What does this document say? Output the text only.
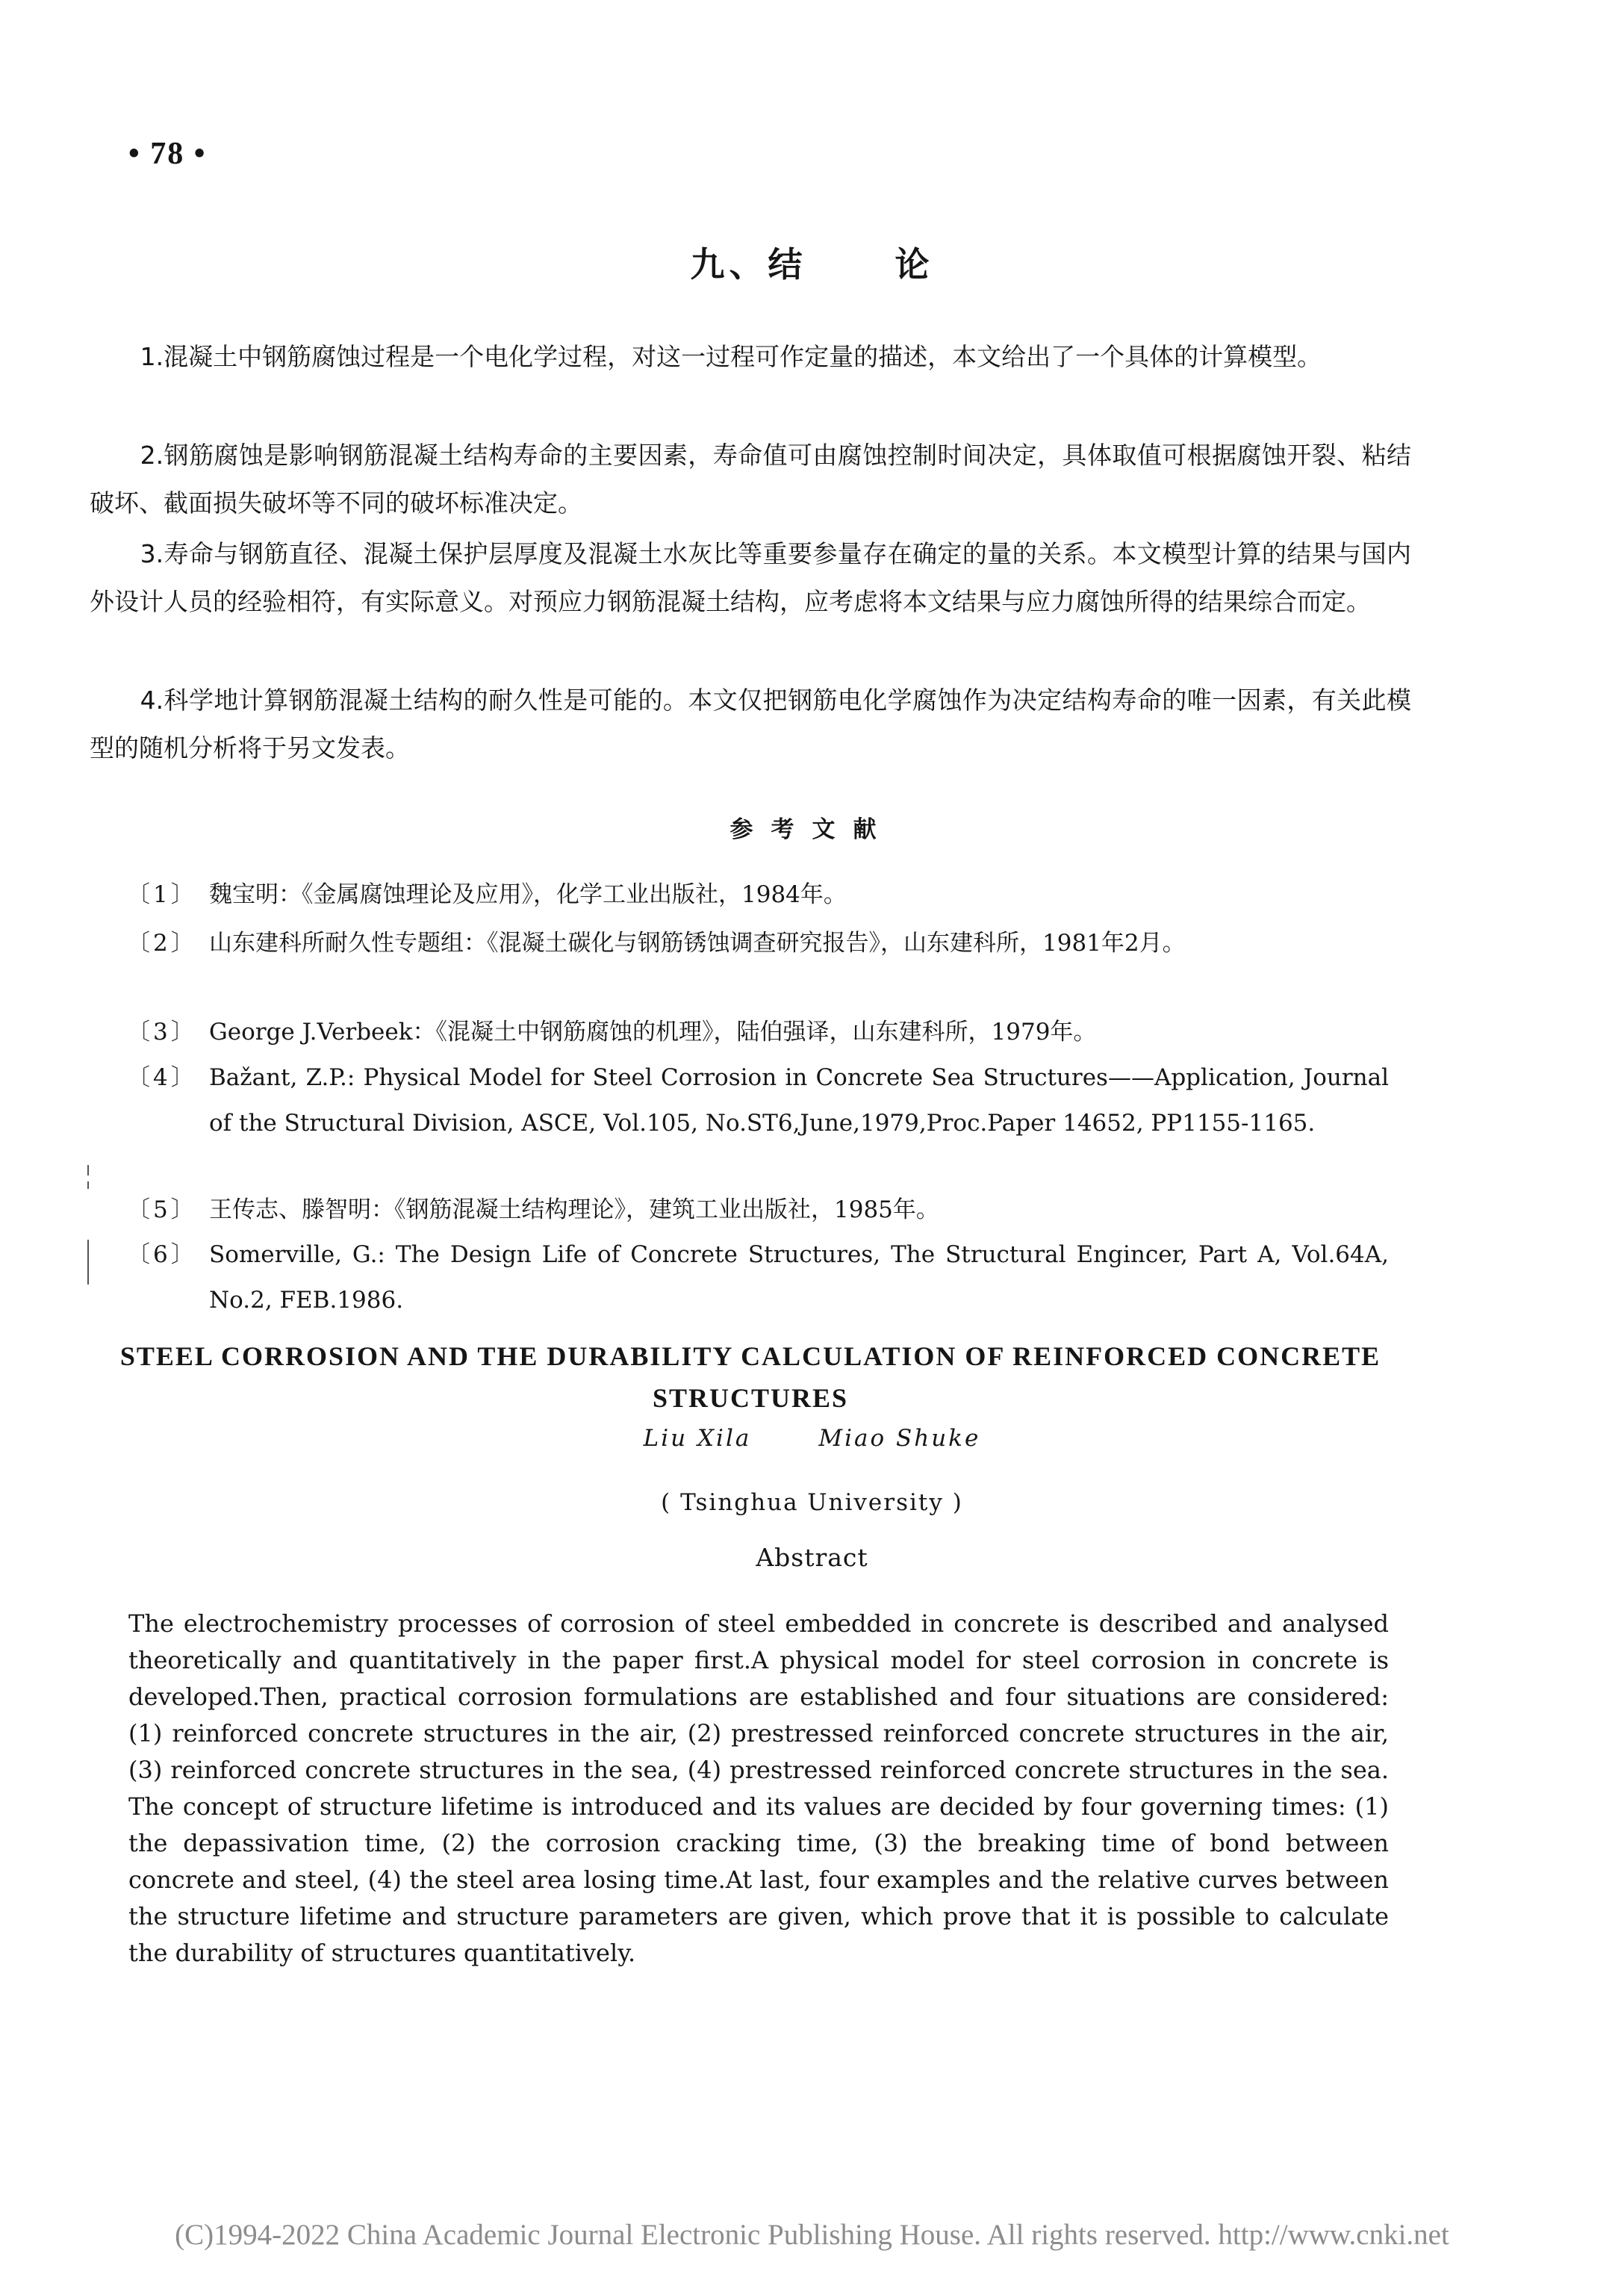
• 78 •
九、结	论
1.混凝土中钢筋腐蚀过程是一个电化学过程，对这一过程可作定量的描述，本文给出了一个具体的计算模型。
2.钢筋腐蚀是影响钢筋混凝土结构寿命的主要因素，寿命值可由腐蚀控制时间决定，具体取值可根据腐蚀开裂、粘结破坏、截面损失破坏等不同的破坏标准决定。
3.寿命与钢筋直径、混凝土保护层厚度及混凝土水灰比等重要参量存在确定的量的关系。本文模型计算的结果与国内外设计人员的经验相符，有实际意义。对预应力钢筋混凝土结构，应考虑将本文结果与应力腐蚀所得的结果综合而定。
4.科学地计算钢筋混凝土结构的耐久性是可能的。本文仅把钢筋电化学腐蚀作为决定结构寿命的唯一因素，有关此模型的随机分析将于另文发表。
参考文献
〔1〕 魏宝明：《金属腐蚀理论及应用》，化学工业出版社，1984年。
〔2〕 山东建科所耐久性专题组：《混凝土碳化与钢筋锈蚀调查研究报告》，山东建科所，1981年2月。
〔3〕 George J.Verbeek：《混凝土中钢筋腐蚀的机理》，陆伯强译，山东建科所，1979年。
〔4〕 Bažant, Z.P.: Physical Model for Steel Corrosion in Concrete Sea Structures——Application, Journal of the Structural Division, ASCE, Vol.105, No.ST6,June,1979,Proc.Paper 14652, PP1155-1165.
〔5〕 王传志、滕智明：《钢筋混凝土结构理论》，建筑工业出版社，1985年。
〔6〕 Somerville, G.: The Design Life of Concrete Structures, The Structural Engincer, Part A, Vol.64A, No.2, FEB.1986.
STEEL CORROSION AND THE DURABILITY CALCULATION OF REINFORCED CONCRETE STRUCTURES
Liu Xila	Miao Shuke
( Tsinghua University )
Abstract
The electrochemistry processes of corrosion of steel embedded in concrete is described and analysed theoretically and quantitatively in the paper first.A physical model for steel corrosion in concrete is developed.Then, practical corrosion formulations are established and four situations are considered: (1) reinforced concrete structures in the air, (2) prestressed reinforced concrete structures in the air, (3) reinforced concrete structures in the sea, (4) prestressed reinforced concrete structures in the sea. The concept of structure lifetime is introduced and its values are decided by four governing times: (1) the depassivation time, (2) the corrosion cracking time, (3) the breaking time of bond between concrete and steel, (4) the steel area losing time.At last, four examples and the relative curves between the structure lifetime and structure parameters are given, which prove that it is possible to calculate the durability of structures quantitatively.
(C)1994-2022 China Academic Journal Electronic Publishing House. All rights reserved. http://www.cnki.net
